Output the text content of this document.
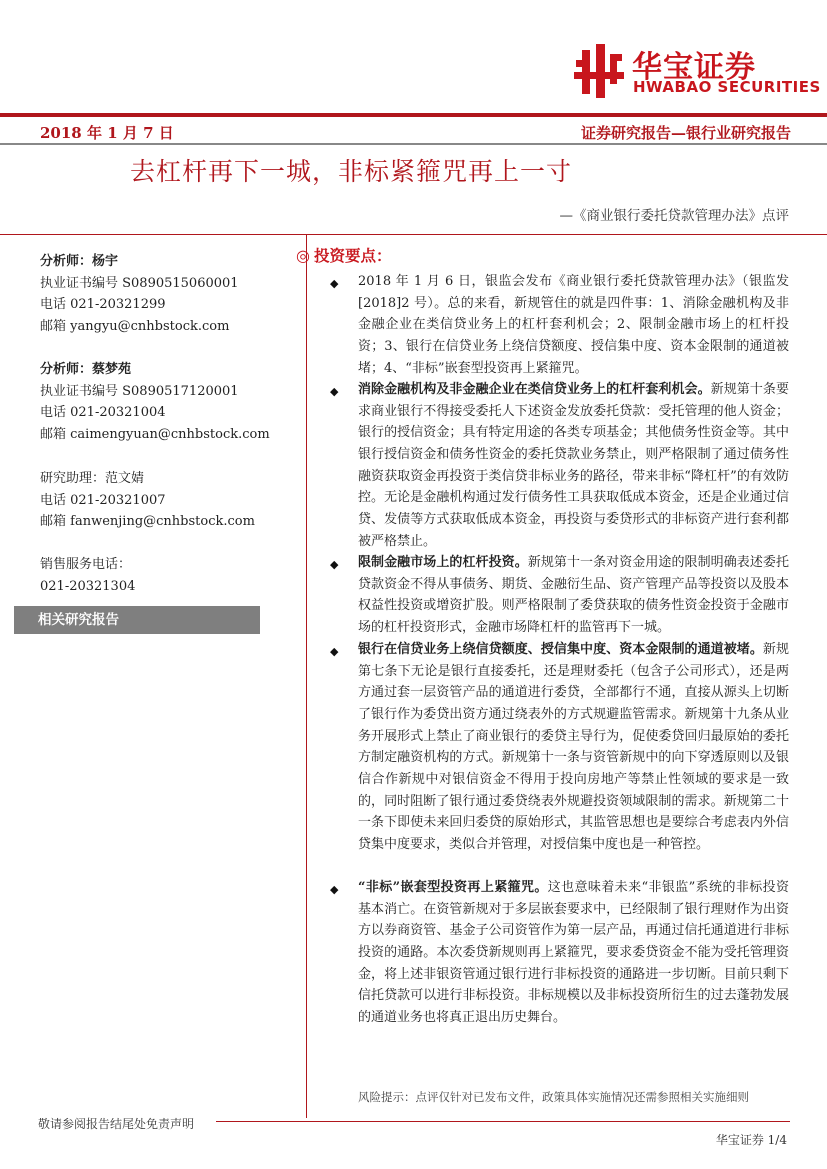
华宝证券
HWABAO SECURITIES
2018 年 1 月 7 日	证券研究报告—银行业研究报告
去杠杆再下一城，非标紧箍咒再上一寸
—《商业银行委托贷款管理办法》点评
分析师：杨宇
执业证书编号 S0890515060001
电话 021-20321299
邮箱 yangyu@cnhbstock.com
分析师：蔡梦苑
执业证书编号 S0890517120001
电话 021-20321004
邮箱 caimengyuan@cnhbstock.com
研究助理：范文婧
电话 021-20321007
邮箱 fanwenjing@cnhbstock.com
销售服务电话：
021-20321304
相关研究报告
◎ 投资要点：
◆ 2018 年 1 月 6 日，银监会发布《商业银行委托贷款管理办法》（银监发[2018]2 号）。总的来看，新规管住的就是四件事：1、消除金融机构及非金融企业在类信贷业务上的杠杆套利机会；2、限制金融市场上的杠杆投资；3、银行在信贷业务上绕信贷额度、授信集中度、资本金限制的通道被堵；4、“非标”嵌套型投资再上紧箍咒。

◆ 消除金融机构及非金融企业在类信贷业务上的杠杆套利机会。新规第十条要求商业银行不得接受委托人下述资金发放委托贷款：受托管理的他人资金；银行的授信资金；具有特定用途的各类专项基金；其他债务性资金等。其中银行授信资金和债务性资金的委托贷款业务禁止，则严格限制了通过债务性融资获取资金再投资于类信贷非标业务的路径，带来非标“降杠杆”的有效防控。无论是金融机构通过发行债务性工具获取低成本资金，还是企业通过信贷、发债等方式获取低成本资金，再投资与委贷形式的非标资产进行套利都被严格禁止。

◆ 限制金融市场上的杠杆投资。新规第十一条对资金用途的限制明确表述委托贷款资金不得从事债务、期货、金融衍生品、资产管理产品等投资以及股本权益性投资或增资扩股。则严格限制了委贷获取的债务性资金投资于金融市场的杠杆投资形式，金融市场降杠杆的监管再下一城。

◆ 银行在信贷业务上绕信贷额度、授信集中度、资本金限制的通道被堵。新规第七条下无论是银行直接委托，还是理财委托（包含子公司形式），还是两方通过套一层资管产品的通道进行委贷，全部都行不通，直接从源头上切断了银行作为委贷出资方通过绕表外的方式规避监管需求。新规第十九条从业务开展形式上禁止了商业银行的委贷主导行为，促使委贷回归最原始的委托方制定融资机构的方式。新规第十一条与资管新规中的向下穿透原则以及银信合作新规中对银信资金不得用于投向房地产等禁止性领域的要求是一致的，同时阻断了银行通过委贷绕表外规避投资领域限制的需求。新规第二十一条下即使未来回归委贷的原始形式，其监管思想也是要综合考虑表内外信贷集中度要求，类似合并管理，对授信集中度也是一种管控。

◆ “非标”嵌套型投资再上紧箍咒。这也意味着未来“非银监”系统的非标投资基本消亡。在资管新规对于多层嵌套要求中，已经限制了银行理财作为出资方以券商资管、基金子公司资管作为第一层产品，再通过信托通道进行非标投资的通路。本次委贷新规则再上紧箍咒，要求委贷资金不能为受托管理资金，将上述非银资管通过银行进行非标投资的通路进一步切断。目前只剩下信托贷款可以进行非标投资。非标规模以及非标投资所衍生的过去蓬勃发展的通道业务也将真正退出历史舞台。

风险提示：点评仅针对已发布文件，政策具体实施情况还需参照相关实施细则
敬请参阅报告结尾处免责声明
华宝证券 1/4
